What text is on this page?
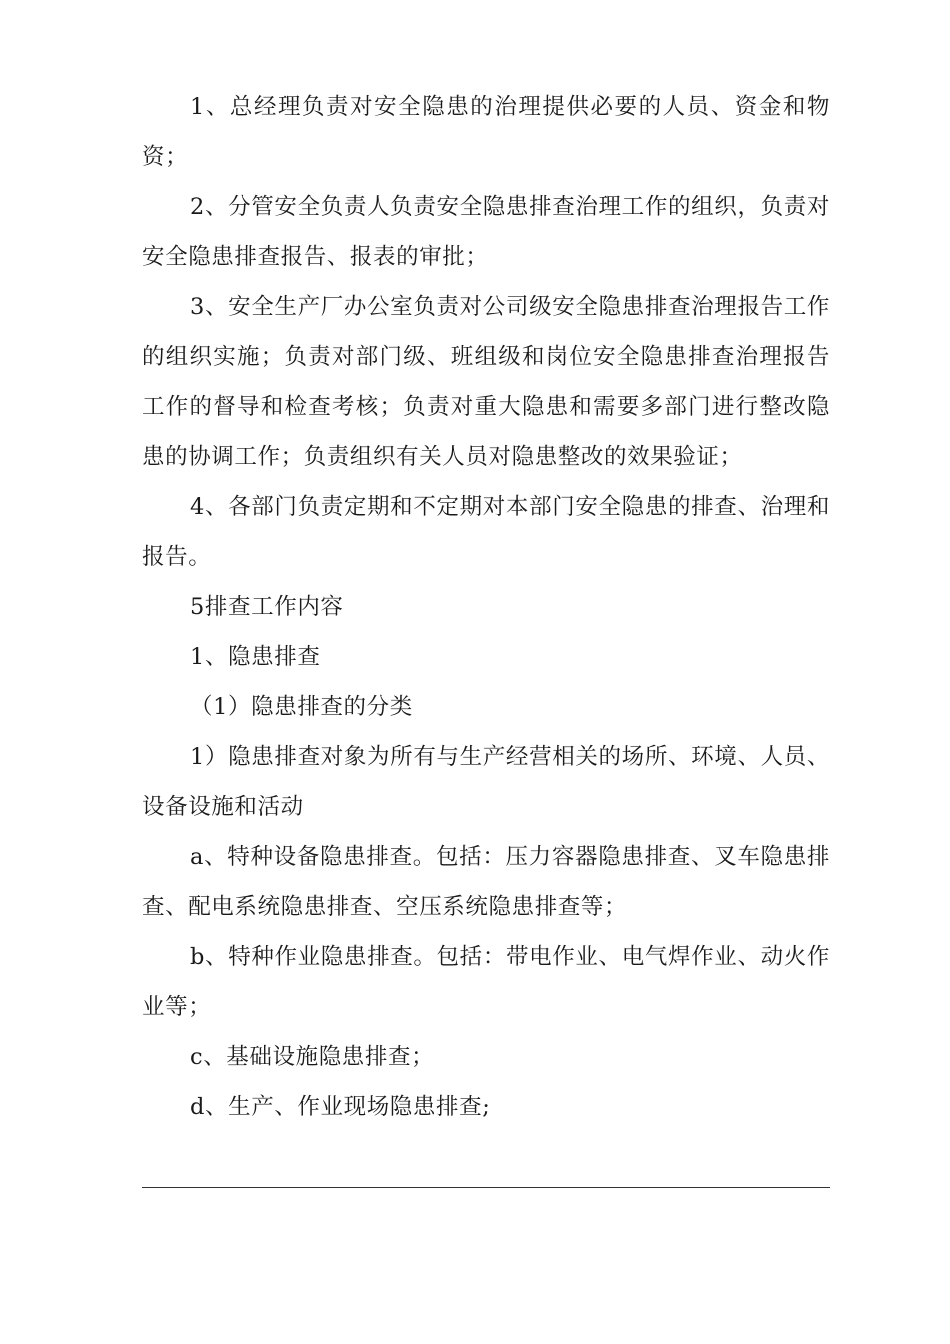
1、总经理负责对安全隐患的治理提供必要的人员、资金和物资；

2、分管安全负责人负责安全隐患排查治理工作的组织，负责对安全隐患排查报告、报表的审批；

3、安全生产厂办公室负责对公司级安全隐患排查治理报告工作的组织实施；负责对部门级、班组级和岗位安全隐患排查治理报告工作的督导和检查考核；负责对重大隐患和需要多部门进行整改隐患的协调工作；负责组织有关人员对隐患整改的效果验证；

4、各部门负责定期和不定期对本部门安全隐患的排查、治理和报告。

5排查工作内容

1、隐患排查

（1）隐患排查的分类

1）隐患排查对象为所有与生产经营相关的场所、环境、人员、设备设施和活动

a、特种设备隐患排查。包括：压力容器隐患排查、叉车隐患排查、配电系统隐患排查、空压系统隐患排查等；

b、特种作业隐患排查。包括：带电作业、电气焊作业、动火作业等；

c、基础设施隐患排查；

d、生产、作业现场隐患排查;
